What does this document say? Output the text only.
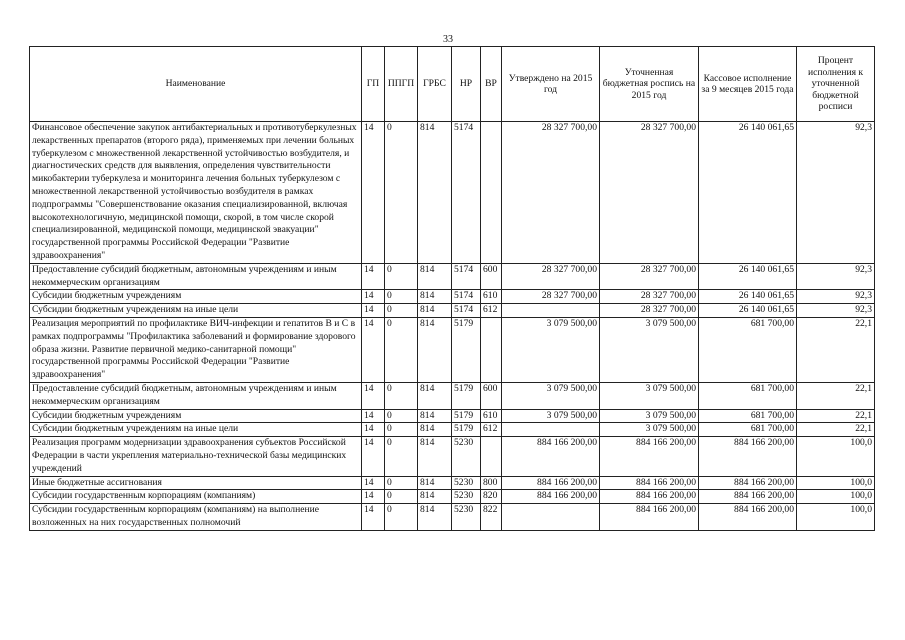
33
Наименование	ГП	ППГП	ГРБС	НР	ВР	Утверждено на 2015 год	Уточненная бюджетная роспись на 2015 год	Кассовое исполнение за 9 месяцев 2015 года	Процент исполнения к уточненной бюджетной росписи
Финансовое обеспечение закупок антибактериальных и противотуберкулезных лекарственных препаратов (второго ряда), применяемых при лечении больных туберкулезом с множественной лекарственной устойчивостью возбудителя, и диагностических средств для выявления, определения чувствительности микобактерии туберкулеза и мониторинга лечения больных туберкулезом с множественной лекарственной устойчивостью возбудителя в рамках подпрограммы "Совершенствование оказания специализированной, включая высокотехнологичную, медицинской помощи, скорой, в том числе скорой специализированной, медицинской помощи, медицинской эвакуации" государственной программы Российской Федерации "Развитие здравоохранения"	14	0	814	5174		28 327 700,00	28 327 700,00	26 140 061,65	92,3
Предоставление субсидий бюджетным, автономным учреждениям и иным некоммерческим организациям	14	0	814	5174	600	28 327 700,00	28 327 700,00	26 140 061,65	92,3
Субсидии бюджетным учреждениям	14	0	814	5174	610	28 327 700,00	28 327 700,00	26 140 061,65	92,3
Субсидии бюджетным учреждениям на иные цели	14	0	814	5174	612		28 327 700,00	26 140 061,65	92,3
Реализация мероприятий по профилактике ВИЧ-инфекции и гепатитов В и С в рамках подпрограммы "Профилактика заболеваний и формирование здорового образа жизни. Развитие первичной медико-санитарной помощи" государственной программы Российской Федерации "Развитие здравоохранения"	14	0	814	5179		3 079 500,00	3 079 500,00	681 700,00	22,1
Предоставление субсидий бюджетным, автономным учреждениям и иным некоммерческим организациям	14	0	814	5179	600	3 079 500,00	3 079 500,00	681 700,00	22,1
Субсидии бюджетным учреждениям	14	0	814	5179	610	3 079 500,00	3 079 500,00	681 700,00	22,1
Субсидии бюджетным учреждениям на иные цели	14	0	814	5179	612		3 079 500,00	681 700,00	22,1
Реализация программ модернизации здравоохранения субъектов Российской Федерации в части укрепления материально-технической базы медицинских учреждений	14	0	814	5230		884 166 200,00	884 166 200,00	884 166 200,00	100,0
Иные бюджетные ассигнования	14	0	814	5230	800	884 166 200,00	884 166 200,00	884 166 200,00	100,0
Субсидии государственным корпорациям (компаниям)	14	0	814	5230	820	884 166 200,00	884 166 200,00	884 166 200,00	100,0
Субсидии государственным корпорациям (компаниям) на выполнение возложенных на них государственных полномочий	14	0	814	5230	822		884 166 200,00	884 166 200,00	100,0
